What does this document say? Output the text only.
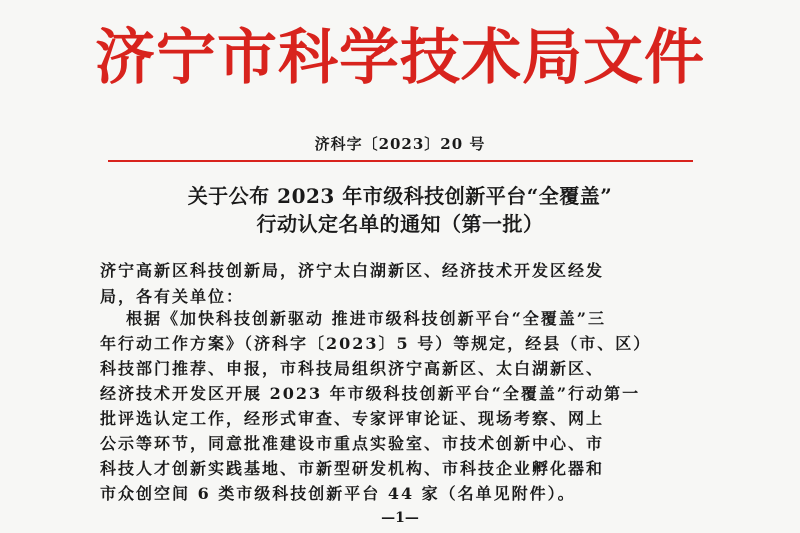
济宁市科学技术局文件
济科字〔2023〕20 号
关于公布 2023 年市级科技创新平台“全覆盖”
行动认定名单的通知（第一批）
济宁高新区科技创新局，济宁太白湖新区、经济技术开发区经发
局，各有关单位：
根据《加快科技创新驱动 推进市级科技创新平台“全覆盖”三
年行动工作方案》（济科字〔2023〕5 号）等规定，经县（市、区）
科技部门推荐、申报，市科技局组织济宁高新区、太白湖新区、
经济技术开发区开展 2023 年市级科技创新平台“全覆盖”行动第一
批评选认定工作，经形式审查、专家评审论证、现场考察、网上
公示等环节，同意批准建设市重点实验室、市技术创新中心、市
科技人才创新实践基地、市新型研发机构、市科技企业孵化器和
市众创空间 6 类市级科技创新平台 44 家（名单见附件）。
—1—
